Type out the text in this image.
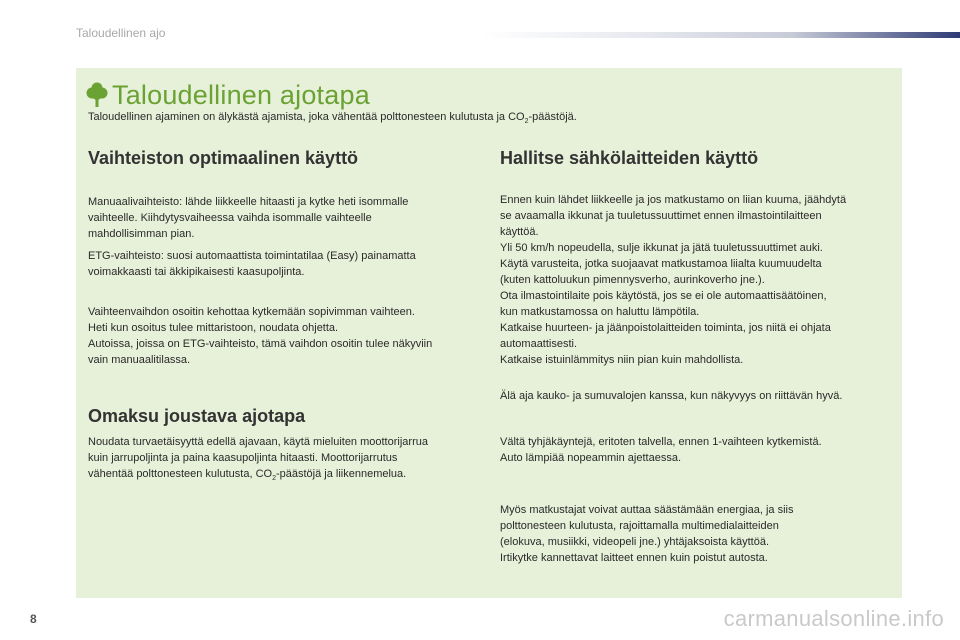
Taloudellinen ajo
Taloudellinen ajotapa
Taloudellinen ajaminen on älykästä ajamista, joka vähentää polttonesteen kulutusta ja $CO_2$-päästöjä.
Vaihteiston optimaalinen käyttö
Manuaalivaihteisto: lähde liikkeelle hitaasti ja kytke heti isommalle
vaihteelle. Kiihdytysvaiheessa vaihda isommalle vaihteelle
mahdollisimman pian.
ETG-vaihteisto: suosi automaattista toimintatilaa (Easy) painamatta
voimakkaasti tai äkkipikaisesti kaasupoljinta.
Vaihteenvaihdon osoitin kehottaa kytkemään sopivimman vaihteen.
Heti kun osoitus tulee mittaristoon, noudata ohjetta.
Autoissa, joissa on ETG-vaihteisto, tämä vaihdon osoitin tulee näkyviin
vain manuaalitilassa.
Omaksu joustava ajotapa
Noudata turvaetäisyyttä edellä ajavaan, käytä mieluiten moottorijarrua
kuin jarrupoljinta ja paina kaasupoljinta hitaasti. Moottorijarrutus
vähentää polttonesteen kulutusta, $CO_2$-päästöjä ja liikennemelua.
Hallitse sähkölaitteiden käyttö
Ennen kuin lähdet liikkeelle ja jos matkustamo on liian kuuma, jäähdytä
se avaamalla ikkunat ja tuuletussuuttimet ennen ilmastointilaitteen
käyttöä.
Yli 50 km/h nopeudella, sulje ikkunat ja jätä tuuletussuuttimet auki.
Käytä varusteita, jotka suojaavat matkustamoa liialta kuumuudelta
(kuten kattoluukun pimennysverho, aurinkoverho jne.).
Ota ilmastointilaite pois käytöstä, jos se ei ole automaattisäätöinen,
kun matkustamossa on haluttu lämpötila.
Katkaise huurteen- ja jäänpoistolaitteiden toiminta, jos niitä ei ohjata
automaattisesti.
Katkaise istuinlämmitys niin pian kuin mahdollista.
Älä aja kauko- ja sumuvalojen kanssa, kun näkyvyys on riittävän hyvä.
Vältä tyhjäkäyntejä, eritoten talvella, ennen 1-vaihteen kytkemistä.
Auto lämpiää nopeammin ajettaessa.
Myös matkustajat voivat auttaa säästämään energiaa, ja siis
polttonesteen kulutusta, rajoittamalla multimedialaitteiden
(elokuva, musiikki, videopeli jne.) yhtäjaksoista käyttöä.
Irtikytke kannettavat laitteet ennen kuin poistut autosta.
8	carmanualsonline.info
